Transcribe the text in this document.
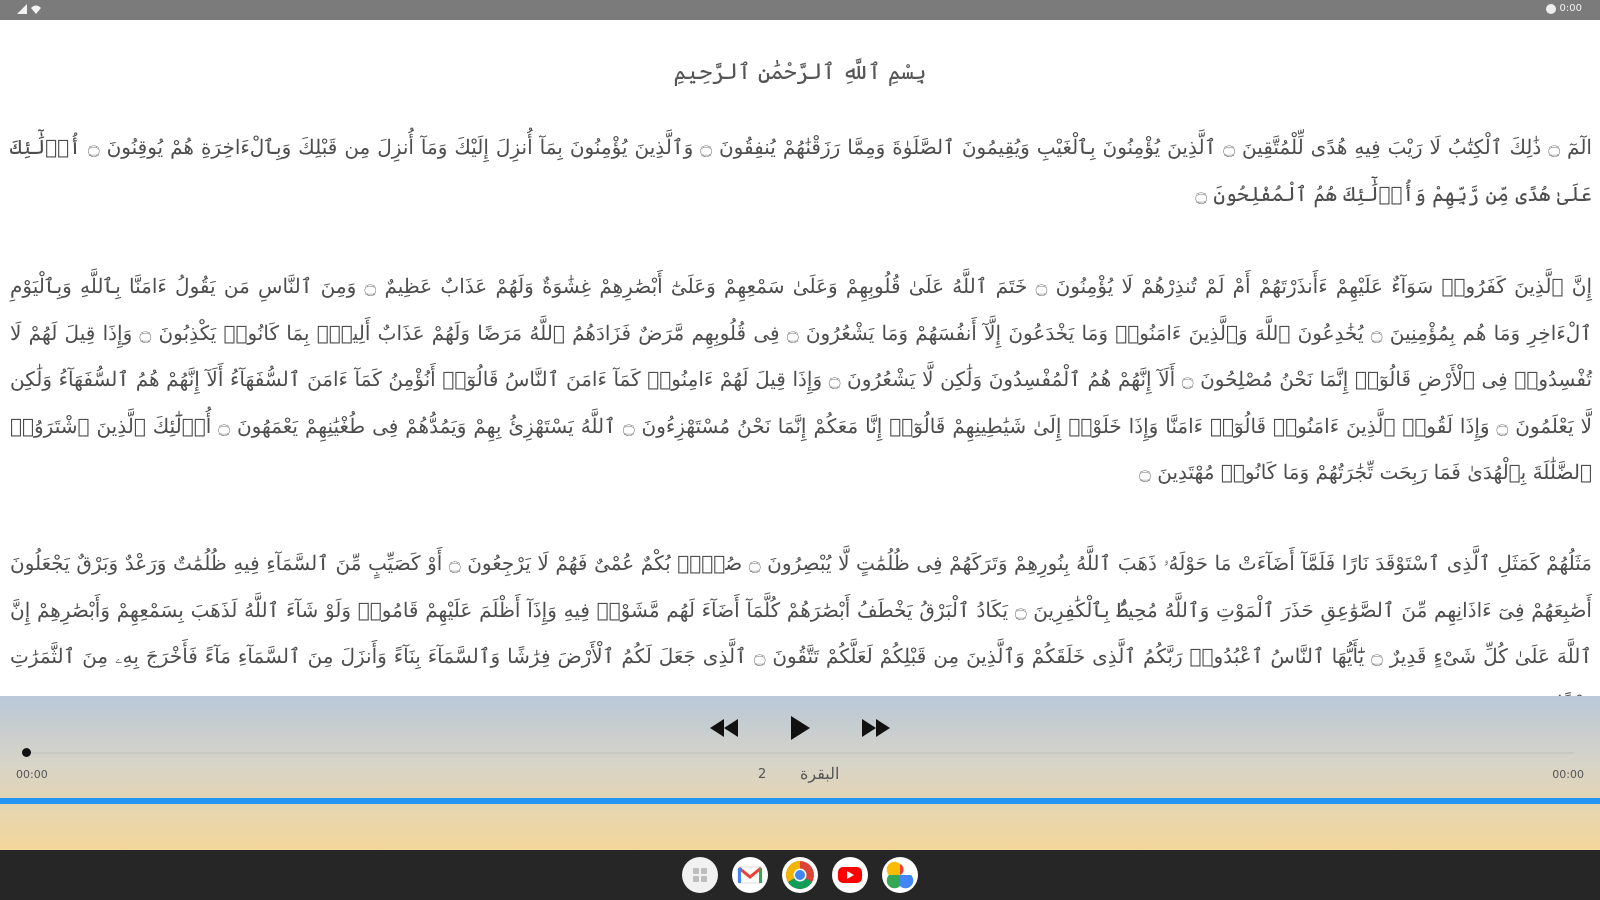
0:00
بِسْمِ ٱللَّهِ ٱلرَّحْمَٰنِ ٱلرَّحِيمِ
الٓمٓ ۝ ذَٰلِكَ ٱلْكِتَٰبُ لَا رَيْبَ فِيهِ هُدًى لِّلْمُتَّقِينَ ۝ ٱلَّذِينَ يُؤْمِنُونَ بِٱلْغَيْبِ وَيُقِيمُونَ ٱلصَّلَوٰةَ وَمِمَّا رَزَقْنَٰهُمْ يُنفِقُونَ ۝ وَٱلَّذِينَ يُؤْمِنُونَ بِمَآ أُنزِلَ إِلَيْكَ وَمَآ أُنزِلَ مِن قَبْلِكَ وَبِٱلْءَاخِرَةِ هُمْ يُوقِنُونَ ۝ أُو۟لَٰٓئِكَ عَلَىٰ هُدًى مِّن رَّبِّهِمْ وَأُو۟لَٰٓئِكَ هُمُ ٱلْمُفْلِحُونَ ۝
إِنَّ ٱلَّذِينَ كَفَرُوا۟ سَوَآءٌ عَلَيْهِمْ ءَأَنذَرْتَهُمْ أَمْ لَمْ تُنذِرْهُمْ لَا يُؤْمِنُونَ ۝ خَتَمَ ٱللَّهُ عَلَىٰ قُلُوبِهِمْ وَعَلَىٰ سَمْعِهِمْ وَعَلَىٰٓ أَبْصَٰرِهِمْ غِشَٰوَةٌ وَلَهُمْ عَذَابٌ عَظِيمٌ ۝ وَمِنَ ٱلنَّاسِ مَن يَقُولُ ءَامَنَّا بِٱللَّهِ وَبِٱلْيَوْمِ ٱلْءَاخِرِ وَمَا هُم بِمُؤْمِنِينَ ۝ يُخَٰدِعُونَ ٱللَّهَ وَٱلَّذِينَ ءَامَنُوا۟ وَمَا يَخْدَعُونَ إِلَّآ أَنفُسَهُمْ وَمَا يَشْعُرُونَ ۝ فِى قُلُوبِهِم مَّرَضٌ فَزَادَهُمُ ٱللَّهُ مَرَضًا وَلَهُمْ عَذَابٌ أَلِيمٌۢ بِمَا كَانُوا۟ يَكْذِبُونَ ۝ وَإِذَا قِيلَ لَهُمْ لَا تُفْسِدُوا۟ فِى ٱلْأَرْضِ قَالُوٓا۟ إِنَّمَا نَحْنُ مُصْلِحُونَ ۝ أَلَآ إِنَّهُمْ هُمُ ٱلْمُفْسِدُونَ وَلَٰكِن لَّا يَشْعُرُونَ ۝ وَإِذَا قِيلَ لَهُمْ ءَامِنُوا۟ كَمَآ ءَامَنَ ٱلنَّاسُ قَالُوٓا۟ أَنُؤْمِنُ كَمَآ ءَامَنَ ٱلسُّفَهَآءُ أَلَآ إِنَّهُمْ هُمُ ٱلسُّفَهَآءُ وَلَٰكِن لَّا يَعْلَمُونَ ۝ وَإِذَا لَقُوا۟ ٱلَّذِينَ ءَامَنُوا۟ قَالُوٓا۟ ءَامَنَّا وَإِذَا خَلَوْا۟ إِلَىٰ شَيَٰطِينِهِمْ قَالُوٓا۟ إِنَّا مَعَكُمْ إِنَّمَا نَحْنُ مُسْتَهْزِءُونَ ۝ ٱللَّهُ يَسْتَهْزِئُ بِهِمْ وَيَمُدُّهُمْ فِى طُغْيَٰنِهِمْ يَعْمَهُونَ ۝ أُو۟لَٰٓئِكَ ٱلَّذِينَ ٱشْتَرَوُا۟ ٱلضَّلَٰلَةَ بِٱلْهُدَىٰ فَمَا رَبِحَت تِّجَٰرَتُهُمْ وَمَا كَانُوا۟ مُهْتَدِينَ ۝
مَثَلُهُمْ كَمَثَلِ ٱلَّذِى ٱسْتَوْقَدَ نَارًا فَلَمَّآ أَضَآءَتْ مَا حَوْلَهُۥ ذَهَبَ ٱللَّهُ بِنُورِهِمْ وَتَرَكَهُمْ فِى ظُلُمَٰتٍ لَّا يُبْصِرُونَ ۝ صُمٌّۢ بُكْمٌ عُمْىٌ فَهُمْ لَا يَرْجِعُونَ ۝ أَوْ كَصَيِّبٍ مِّنَ ٱلسَّمَآءِ فِيهِ ظُلُمَٰتٌ وَرَعْدٌ وَبَرْقٌ يَجْعَلُونَ أَصَٰبِعَهُمْ فِىٓ ءَاذَانِهِم مِّنَ ٱلصَّوَٰعِقِ حَذَرَ ٱلْمَوْتِ وَٱللَّهُ مُحِيطٌۢ بِٱلْكَٰفِرِينَ ۝ يَكَادُ ٱلْبَرْقُ يَخْطَفُ أَبْصَٰرَهُمْ كُلَّمَآ أَضَآءَ لَهُم مَّشَوْا۟ فِيهِ وَإِذَآ أَظْلَمَ عَلَيْهِمْ قَامُوا۟ وَلَوْ شَآءَ ٱللَّهُ لَذَهَبَ بِسَمْعِهِمْ وَأَبْصَٰرِهِمْ إِنَّ ٱللَّهَ عَلَىٰ كُلِّ شَىْءٍ قَدِيرٌ ۝ يَٰٓأَيُّهَا ٱلنَّاسُ ٱعْبُدُوا۟ رَبَّكُمُ ٱلَّذِى خَلَقَكُمْ وَٱلَّذِينَ مِن قَبْلِكُمْ لَعَلَّكُمْ تَتَّقُونَ ۝ ٱلَّذِى جَعَلَ لَكُمُ ٱلْأَرْضَ فِرَٰشًا وَٱلسَّمَآءَ بِنَآءً وَأَنزَلَ مِنَ ٱلسَّمَآءِ مَآءً فَأَخْرَجَ بِهِۦ مِنَ ٱلثَّمَرَٰتِ
00:00	2 البقرة	00:00
